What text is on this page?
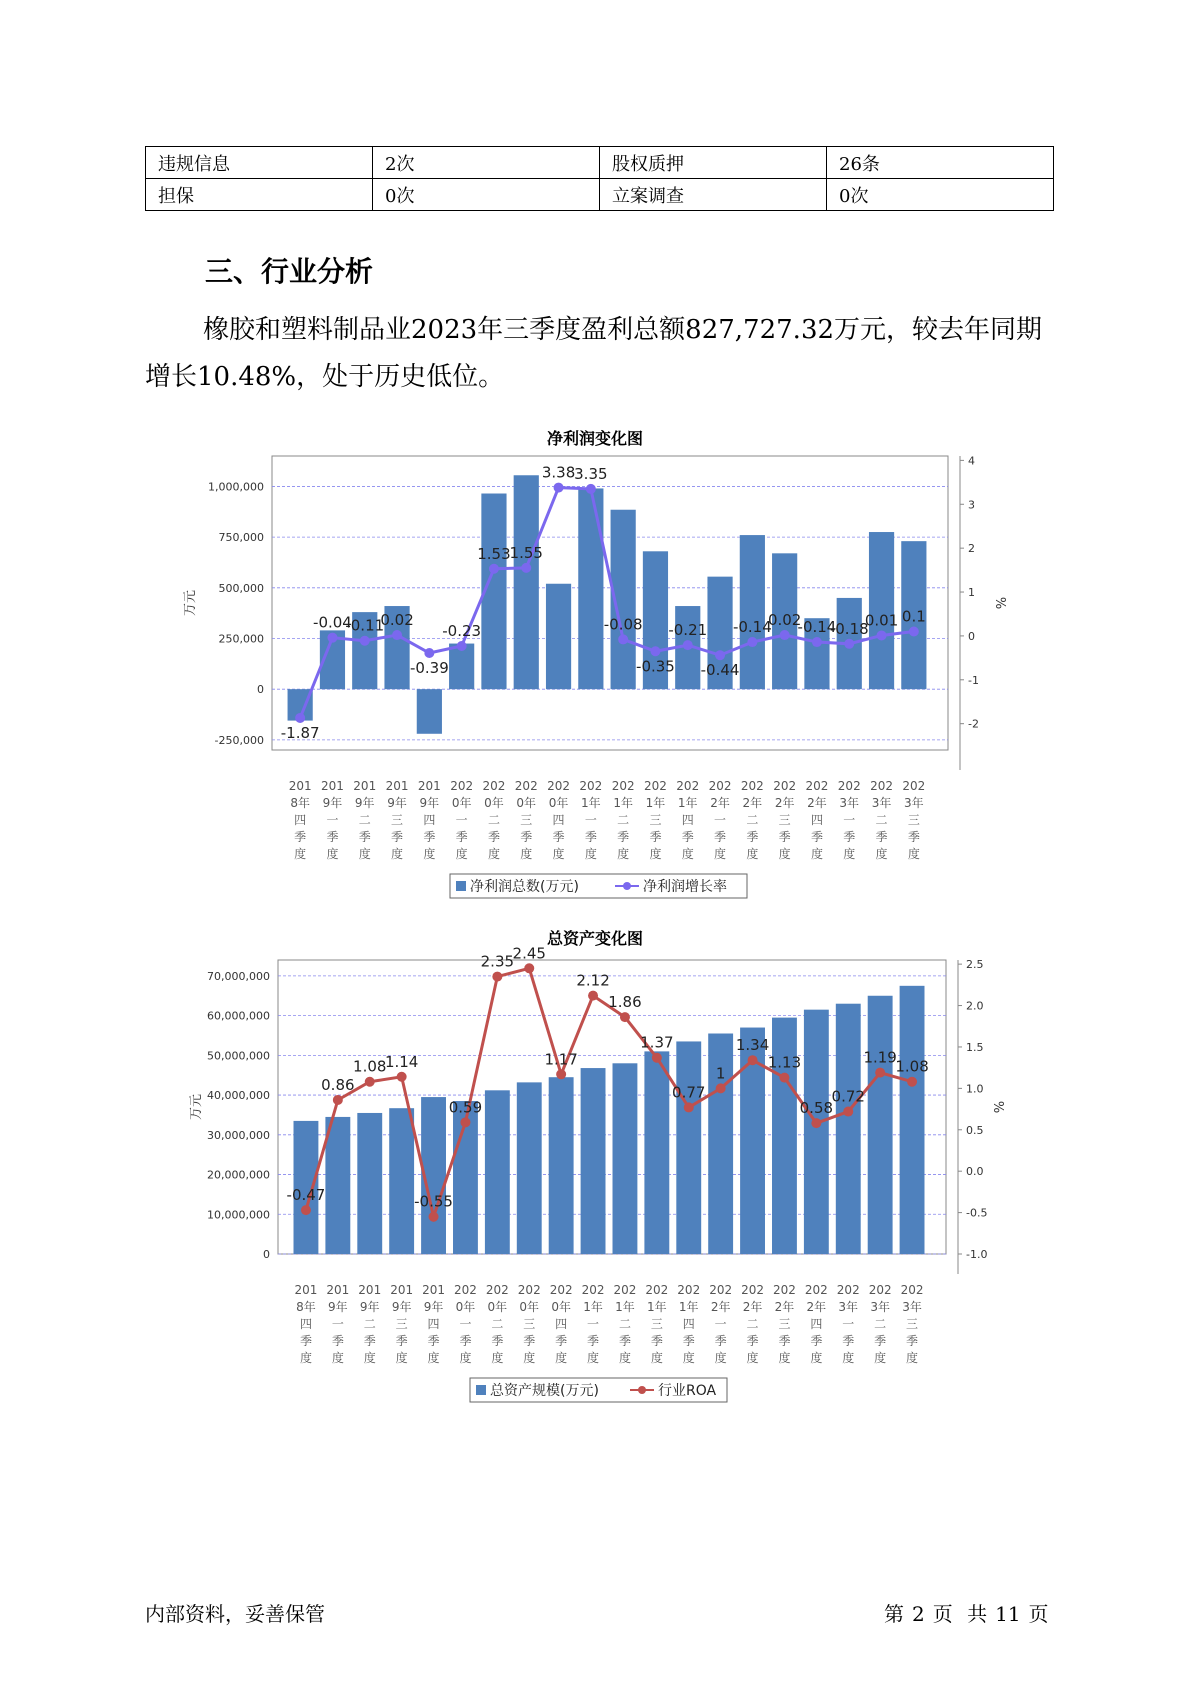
违规信息	2次	股权质押	26条
担保	0次	立案调查	0次
三、行业分析
橡胶和塑料制品业2023年三季度盈利总额827,727.32万元，较去年同期增长10.48%，处于历史低位。
净利润变化图
-250,000
0
250,000
500,000
750,000
1,000,000
-2
-1
0
1
2
3
4
万元	%
-1.87
-0.04
-0.11
0.02
-0.39
-0.23
1.53
1.55
3.38
3.35
-0.08
-0.35
-0.21
-0.44
-0.14
0.02
-0.14
-0.18
0.01 0.1
201
8年
四
季
度
201
9年
一
季
度
201
9年
二
季
度
201
9年
三
季
度
201
9年
四
季
度
202
0年
一
季
度
202
0年
二
季
度
202
0年
三
季
度
202
0年
四
季
度
202
1年
一
季
度
202
1年
二
季
度
202
1年
三
季
度
202
1年
四
季
度
202
2年
一
季
度
202
2年
二
季
度
202
2年
三
季
度
202
2年
四
季
度
202
3年
一
季
度
202
3年
二
季
度
202
3年
三
季
度
净利润总数(万元)	净利润增长率
总资产变化图
0
10,000,000
20,000,000
30,000,000
40,000,000
50,000,000
60,000,000
70,000,000
-1.0
-0.5
0.0
0.5
1.0
1.5
2.0
2.5
万元	%
-0.47
0.86
1.08
1.14
-0.55
0.59
2.35
2.45
1.17
2.12
1.86
1.37
0.77
1
1.34
1.13
0.58
0.72
1.19
1.08
201
8年
四
季
度
201
9年
一
季
度
201
9年
二
季
度
201
9年
三
季
度
201
9年
四
季
度
202
0年
一
季
度
202
0年
二
季
度
202
0年
三
季
度
202
0年
四
季
度
202
1年
一
季
度
202
1年
二
季
度
202
1年
三
季
度
202
1年
四
季
度
202
2年
一
季
度
202
2年
二
季
度
202
2年
三
季
度
202
2年
四
季
度
202
3年
一
季
度
202
3年
二
季
度
202
3年
三
季
度
总资产规模(万元)	行业ROA
内部资料，妥善保管	第 2 页 共 11 页
